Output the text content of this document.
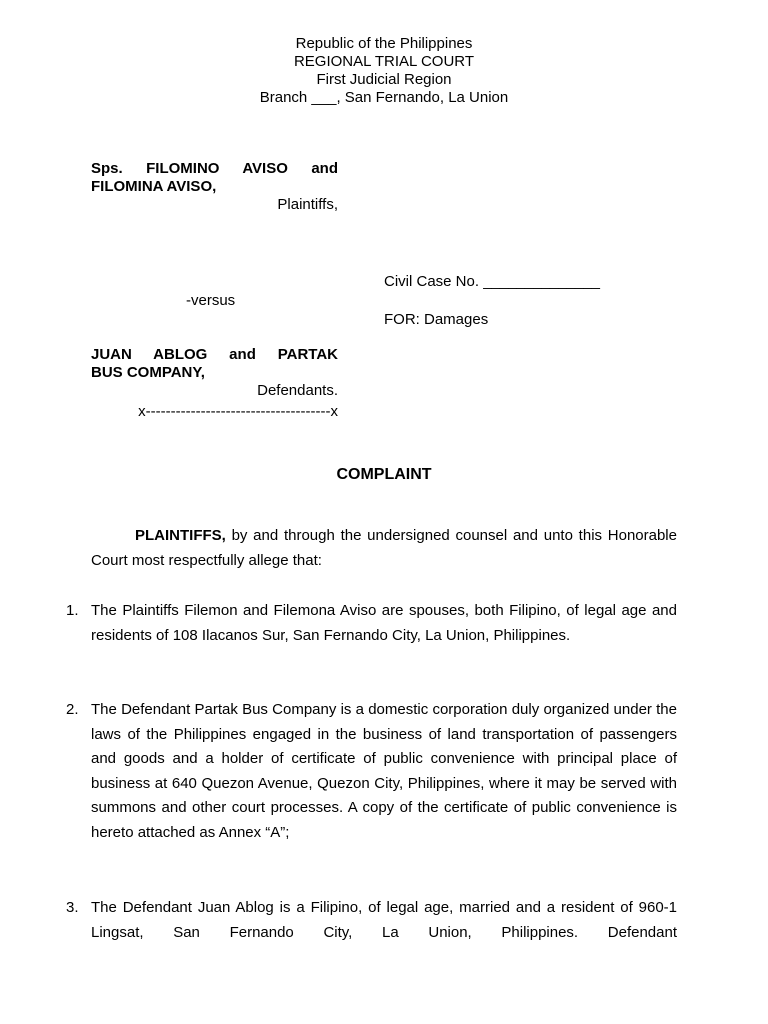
Republic of the Philippines
REGIONAL TRIAL COURT
First Judicial Region
Branch ___, San Fernando, La Union
Sps. FILOMINO AVISO and
FILOMINA AVISO,
Plaintiffs,
Civil Case No. ______________
FOR: Damages
-versus
JUAN ABLOG and PARTAK
BUS COMPANY,
Defendants.
x-------------------------------------x
COMPLAINT
PLAINTIFFS, by and through the undersigned counsel and unto this Honorable Court most respectfully allege that:
1. The Plaintiffs Filemon and Filemona Aviso are spouses, both Filipino, of legal age and residents of 108 Ilacanos Sur, San Fernando City, La Union, Philippines.
2. The Defendant Partak Bus Company is a domestic corporation duly organized under the laws of the Philippines engaged in the business of land transportation of passengers and goods and a holder of certificate of public convenience with principal place of business at 640 Quezon Avenue, Quezon City, Philippines, where it may be served with summons and other court processes. A copy of the certificate of public convenience is hereto attached as Annex “A”;
3. The Defendant Juan Ablog is a Filipino, of legal age, married and a resident of 960-1 Lingsat, San Fernando City, La Union, Philippines. Defendant
